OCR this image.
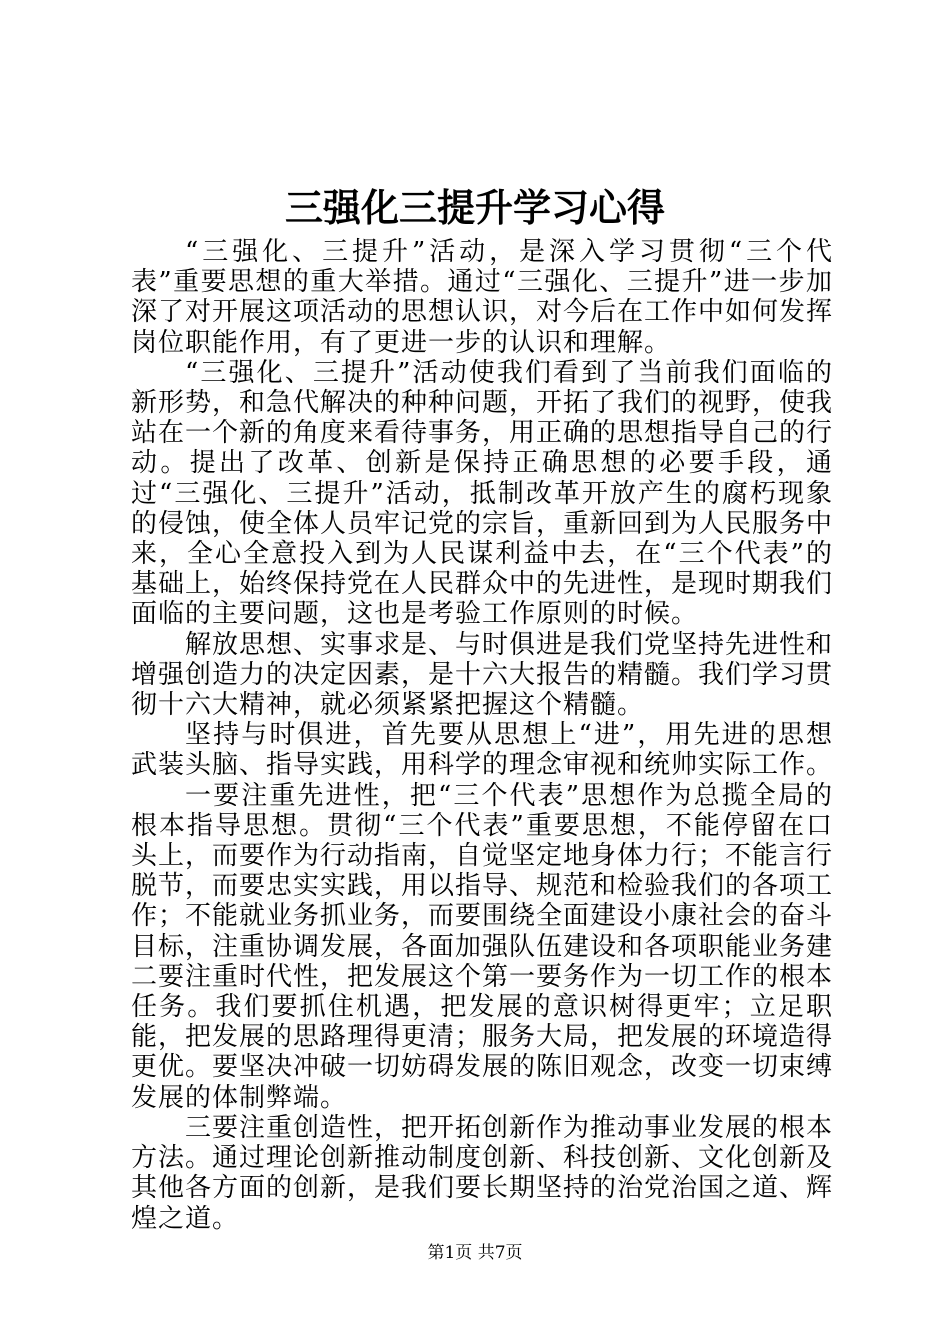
三强化三提升学习心得

“三强化、三提升”活动，是深入学习贯彻“三个代表”重要思想的重大举措。通过“三强化、三提升”进一步加深了对开展这项活动的思想认识，对今后在工作中如何发挥岗位职能作用，有了更进一步的认识和理解。

“三强化、三提升”活动使我们看到了当前我们面临的新形势，和急代解决的种种问题，开拓了我们的视野，使我站在一个新的角度来看待事务，用正确的思想指导自己的行动。提出了改革、创新是保持正确思想的必要手段，通过“三强化、三提升”活动，抵制改革开放产生的腐朽现象的侵蚀，使全体人员牢记党的宗旨，重新回到为人民服务中来，全心全意投入到为人民谋利益中去，在“三个代表”的基础上，始终保持党在人民群众中的先进性，是现时期我们面临的主要问题，这也是考验工作原则的时候。

解放思想、实事求是、与时俱进是我们党坚持先进性和增强创造力的决定因素，是十六大报告的精髓。我们学习贯彻十六大精神，就必须紧紧把握这个精髓。

坚持与时俱进，首先要从思想上“进”，用先进的思想武装头脑、指导实践，用科学的理念审视和统帅实际工作。

一要注重先进性，把“三个代表”思想作为总揽全局的根本指导思想。贯彻“三个代表”重要思想，不能停留在口头上，而要作为行动指南，自觉坚定地身体力行；不能言行脱节，而要忠实实践，用以指导、规范和检验我们的各项工作；不能就业务抓业务，而要围绕全面建设小康社会的奋斗目标，注重协调发展，各面加强队伍建设和各项职能业务建二要注重时代性，把发展这个第一要务作为一切工作的根本任务。我们要抓住机遇，把发展的意识树得更牢；立足职能，把发展的思路理得更清；服务大局，把发展的环境造得更优。要坚决冲破一切妨碍发展的陈旧观念，改变一切束缚发展的体制弊端。

三要注重创造性，把开拓创新作为推动事业发展的根本方法。通过理论创新推动制度创新、科技创新、文化创新及其他各方面的创新，是我们要长期坚持的治党治国之道、辉煌之道。

第1页 共7页
